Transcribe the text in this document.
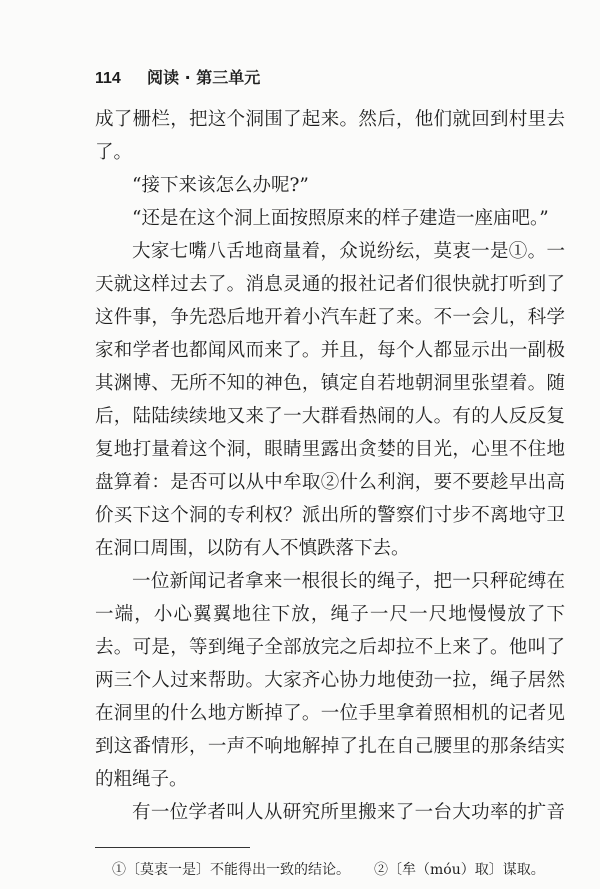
114	阅读 · 第三单元
成了栅栏，把这个洞围了起来。然后，他们就回到村里去
了。
“接下来该怎么办呢?”
“还是在这个洞上面按照原来的样子建造一座庙吧。”
大家七嘴八舌地商量着，众说纷纭，莫衷一是①。一
天就这样过去了。消息灵通的报社记者们很快就打听到了
这件事，争先恐后地开着小汽车赶了来。不一会儿，科学
家和学者也都闻风而来了。并且，每个人都显示出一副极
其渊博、无所不知的神色，镇定自若地朝洞里张望着。随
后，陆陆续续地又来了一大群看热闹的人。有的人反反复
复地打量着这个洞，眼睛里露出贪婪的目光，心里不住地
盘算着：是否可以从中牟取②什么利润，要不要趁早出高
价买下这个洞的专利权？派出所的警察们寸步不离地守卫
在洞口周围，以防有人不慎跌落下去。
一位新闻记者拿来一根很长的绳子，把一只秤砣缚在
一端，小心翼翼地往下放，绳子一尺一尺地慢慢放了下
去。可是，等到绳子全部放完之后却拉不上来了。他叫了
两三个人过来帮助。大家齐心协力地使劲一拉，绳子居然
在洞里的什么地方断掉了。一位手里拿着照相机的记者见
到这番情形，一声不响地解掉了扎在自己腰里的那条结实
的粗绳子。
有一位学者叫人从研究所里搬来了一台大功率的扩音
①〔莫衷一是〕不能得出一致的结论。 ②〔牟（móu）取〕谋取。
